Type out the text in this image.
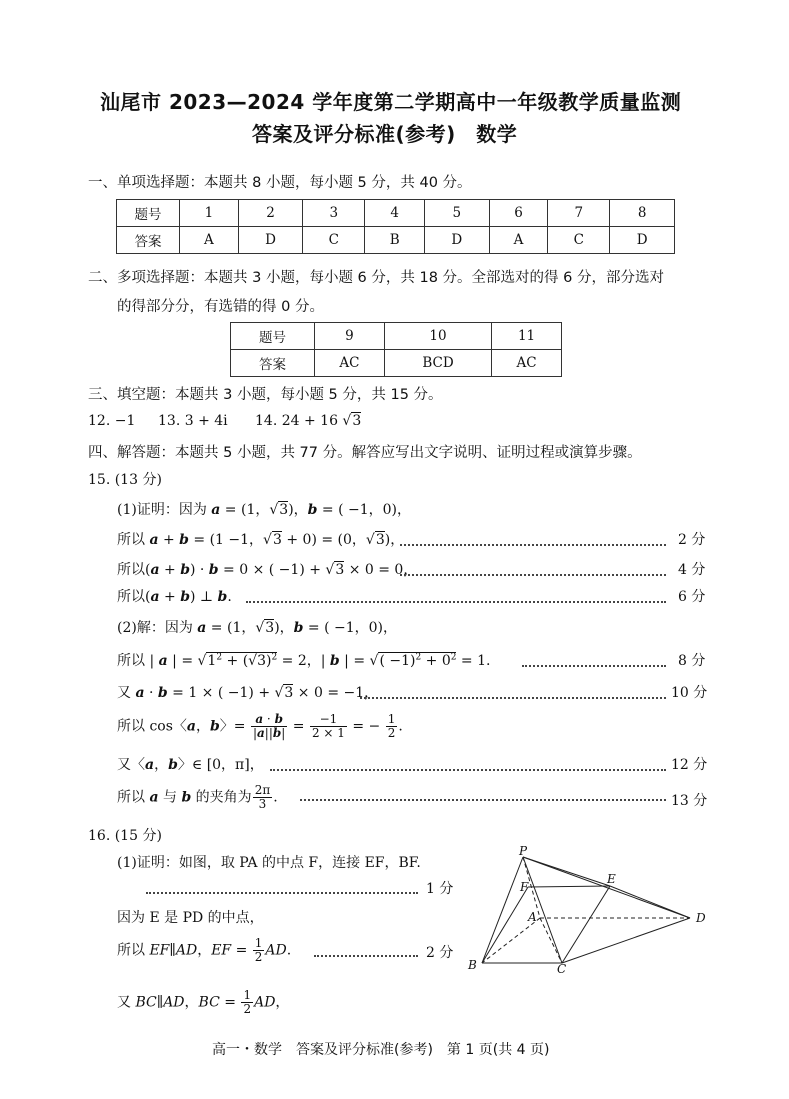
汕尾市 2023—2024 学年度第二学期高中一年级教学质量监测
答案及评分标准(参考)　数学
一、单项选择题：本题共 8 小题，每小题 5 分，共 40 分。
题号	1	2	3	4	5	6	7	8
答案	A	D	C	B	D	A	C	D
二、多项选择题：本题共 3 小题，每小题 6 分，共 18 分。全部选对的得 6 分，部分选对
的得部分分，有选错的得 0 分。
题号	9	10	11
答案	AC	BCD	AC
三、填空题：本题共 3 小题，每小题 5 分，共 15 分。
12. −1 13. 3 + 4i 14. 24 + 16 √3
四、解答题：本题共 5 小题，共 77 分。解答应写出文字说明、证明过程或演算步骤。
15. (13 分)
(1)证明：因为 a = (1，√3)，b = ( −1，0)，
所以 a + b = (1 −1，√3 + 0) = (0，√3)，	2 分
所以(a + b) · b = 0 × ( −1) + √3 × 0 = 0，	4 分
所以(a + b) ⊥ b.	6 分
(2)解：因为 a = (1，√3)，b = ( −1，0)，
所以 | a | = $√1^2 + (√3)^2 = 2$，| b | = √( $-1)^2 + 0^2 = 1$.	8 分
又 a · b = 1 × ( −1) + √3 × 0 = −1，	10 分
所以 cos〈a，b〉= $\frac{a \cdot b}{|a||b|} = \frac{-1}{2 \times 1}$ = − $\frac{1}{2}$ .
又〈a，b〉∈ [0，π]，	12 分
所以 a 与 b 的夹角为 $\frac{2\pi}{3}$ .	13 分
16. (15 分)
(1)证明：如图，取 PA 的中点 F，连接 EF，BF.
1 分
因为 E 是 PD 的中点，
所以 EF∥AD，EF = $\frac{1}{2}$ AD.	2 分
又 BC∥AD，BC = $\frac{1}{2}$ AD，
P
F
E
A	D
B	C
高一・数学　答案及评分标准(参考)　第 1 页(共 4 页)
